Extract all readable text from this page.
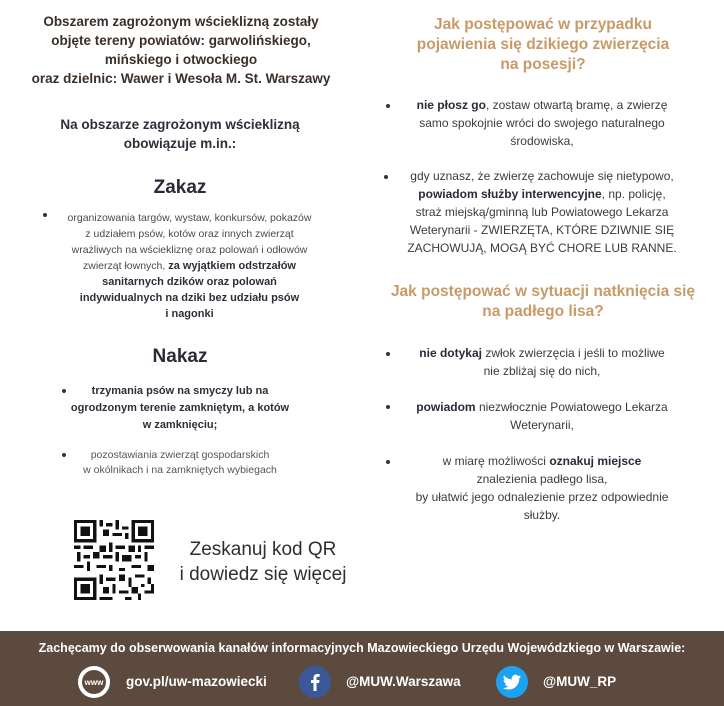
Obszarem zagrożonym wścieklizną zostały
objęte tereny powiatów: garwolińskiego,
mińskiego i otwockiego
oraz dzielnic: Wawer i Wesoła M. St. Warszawy
Na obszarze zagrożonym wścieklizną
obowiązuje m.in.:
Zakaz
organizowania targów, wystaw, konkursów, pokazów
z udziałem psów, kotów oraz innych zwierząt
wrażliwych na wściekliznę oraz polowań i odłowów
zwierząt łownych, za wyjątkiem odstrzałów
sanitarnych dzików oraz polowań
indywidualnych na dziki bez udziału psów
i nagonki
Nakaz
trzymania psów na smyczy lub na
ogrodzonym terenie zamkniętym, a kotów
w zamknięciu;
pozostawiania zwierząt gospodarskich
w okólnikach i na zamkniętych wybiegach
Zeskanuj kod QR
i dowiedz się więcej
Jak postępować w przypadku
pojawienia się dzikiego zwierzęcia
na posesji?
nie płosz go, zostaw otwartą bramę, a zwierzę
samo spokojnie wróci do swojego naturalnego
środowiska,
gdy uznasz, że zwierzę zachowuje się nietypowo,
powiadom służby interwencyjne, np. policję,
straż miejską/gminną lub Powiatowego Lekarza
Weterynarii - ZWIERZĘTA, KTÓRE DZIWNIE SIĘ
ZACHOWUJĄ, MOGĄ BYĆ CHORE LUB RANNE.
Jak postępować w sytuacji natknięcia się
na padłego lisa?
nie dotykaj zwłok zwierzęcia i jeśli to możliwe
nie zbliżaj się do nich,
powiadom niezwłocznie Powiatowego Lekarza
Weterynarii,
w miarę możliwości oznakuj miejsce
znalezienia padłego lisa,
by ułatwić jego odnalezienie przez odpowiednie
służby.
Zachęcamy do obserwowania kanałów informacyjnych Mazowieckiego Urzędu Wojewódzkiego w Warszawie:
www gov.pl/uw-mazowiecki	@MUW.Warszawa	@MUW_RP
